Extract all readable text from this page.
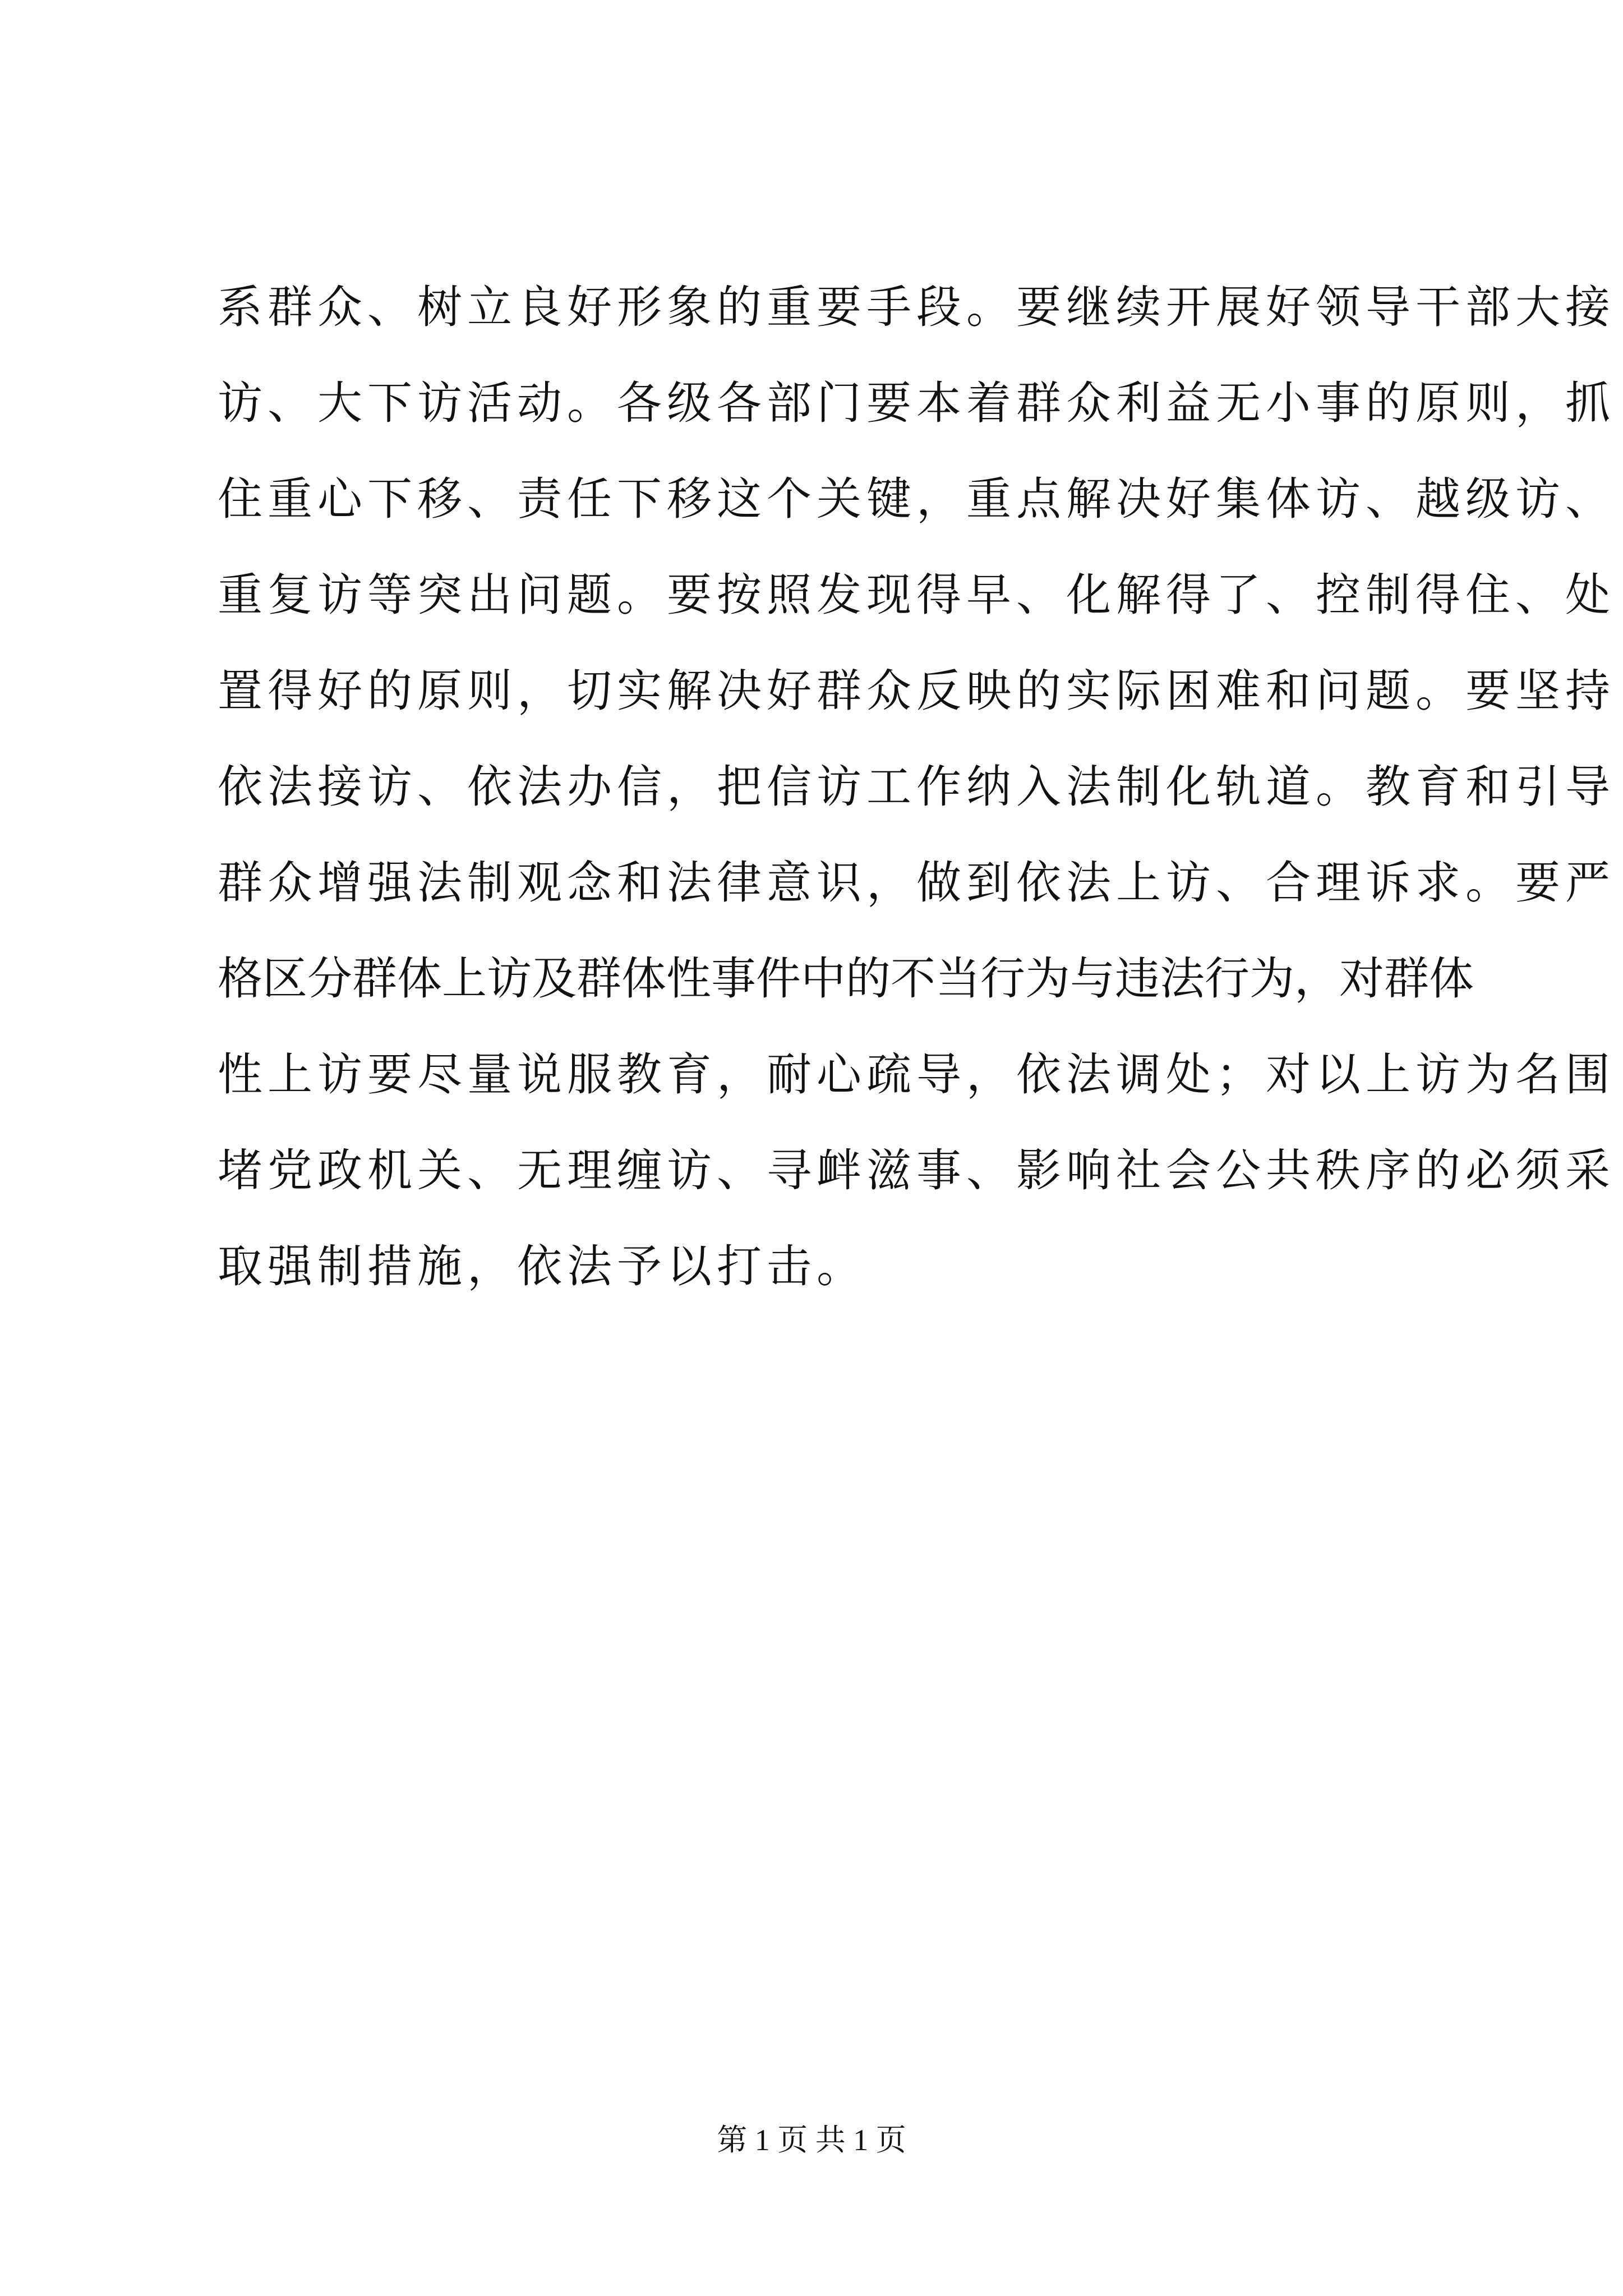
系群众、树立良好形象的重要手段。要继续开展好领导干部大接
访、大下访活动。各级各部门要本着群众利益无小事的原则，抓
住重心下移、责任下移这个关键，重点解决好集体访、越级访、
重复访等突出问题。要按照发现得早、化解得了、控制得住、处
置得好的原则，切实解决好群众反映的实际困难和问题。要坚持
依法接访、依法办信，把信访工作纳入法制化轨道。教育和引导
群众增强法制观念和法律意识，做到依法上访、合理诉求。要严
格区分群体上访及群体性事件中的不当行为与违法行为，对群体
性上访要尽量说服教育，耐心疏导，依法调处；对以上访为名围
堵党政机关、无理缠访、寻衅滋事、影响社会公共秩序的必须采
取强制措施，依法予以打击。
第 1 页 共 1 页
